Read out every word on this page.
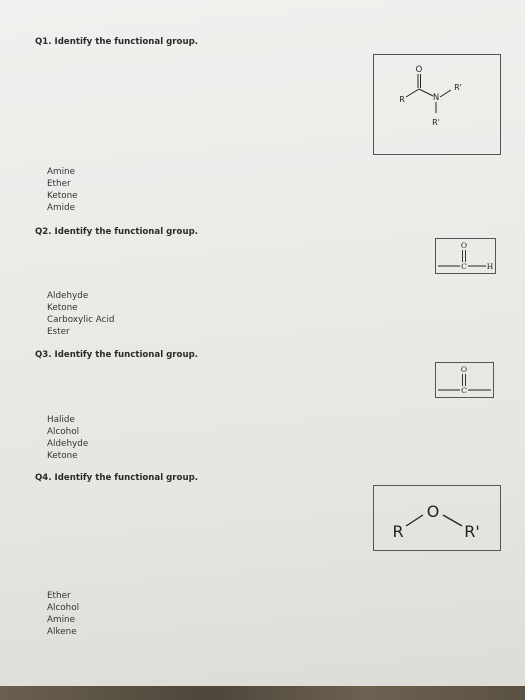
Q1. Identify the functional group.
O
N
R
R'
R'
Amine
Ether
Ketone
Amide
Q2. Identify the functional group.
O
C	H
Aldehyde
Ketone
Carboxylic Acid
Ester
Q3. Identify the functional group.
O
C
Halide
Alcohol
Aldehyde
Ketone
Q4. Identify the functional group.
R
O
R'
Ether
Alcohol
Amine
Alkene
